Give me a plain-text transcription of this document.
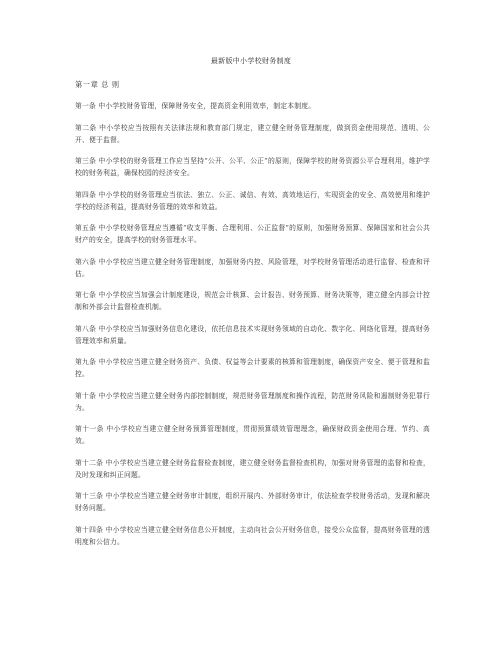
最新版中小学校财务制度
第一章 总 则
第一条 中小学校财务管理，保障财务安全，提高资金利用效率，制定本制度。
第二条 中小学校应当按照有关法律法规和教育部门规定，建立健全财务管理制度，做到资金使用规范、透明、公开、便于监督。
第三条 中小学校的财务管理工作应当坚持“公开、公平、公正”的原则，保障学校的财务资源公平合理利用，维护学校的财务利益，确保校园的经济安全。
第四条 中小学校的财务管理应当依法、独立、公正、诚信、有效、高效地运行，实现资金的安全、高效使用和维护学校的经济利益，提高财务管理的效率和效益。
第五条 中小学校财务管理应当遵循“收支平衡、合理利用、公正监督”的原则，加强财务预算、保障国家和社会公共财产的安全，提高学校的财务管理水平。
第六条 中小学校应当建立健全财务管理制度，加强财务内控、风险管理，对学校财务管理活动进行监督、检查和评估。
第七条 中小学校应当加强会计制度建设，规范会计核算、会计报告、财务预算、财务决策等，建立健全内部会计控制和外部会计监督检查机制。
第八条 中小学校应当加强财务信息化建设，依托信息技术实现财务领域的自动化、数字化、网络化管理，提高财务管理效率和质量。
第九条 中小学校应当建立健全财务资产、负债、权益等会计要素的核算和管理制度，确保资产安全、便于管理和监控。
第十条 中小学校应当建立健全财务内部控制制度，规范财务管理制度和操作流程，防范财务风险和遏制财务犯罪行为。
第十一条 中小学校应当建立健全财务预算管理制度，贯彻预算绩效管理理念，确保财政资金使用合理、节约、高效。
第十二条 中小学校应当建立健全财务监督检查制度，建立健全财务监督检查机构，加强对财务管理的监督和检查，及时发现和纠正问题。
第十三条 中小学校应当建立健全财务审计制度，组织开展内、外部财务审计，依法检查学校财务活动，发现和解决财务问题。
第十四条 中小学校应当建立健全财务信息公开制度，主动向社会公开财务信息，接受公众监督，提高财务管理的透明度和公信力。
